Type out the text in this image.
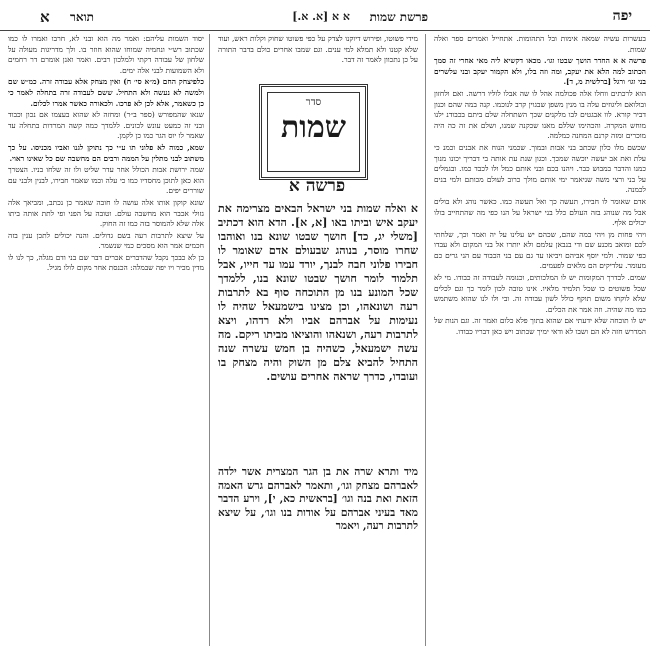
יפה
פרשת שמות
א א [א. א.]
תואר
א

בעשרות עשיה שמאה אימות ובל התהומות. אתחייל ואמרים ספר ואלה שמות.

פרשה א א החדר הושך שבטו וגו׳. מכאו דקשיא ליה מאי אחרי זה סמך הכתוב למה הלא את יעקב, ומה וזה בלו, ולא הקמור יעקב ובני עלשרים בני וגו׳ ורגל [ברלשית מ, ד].

הוא לרכתים ווחלו אלה פכולמה אהל לו שה אבלו לוליו דרשה. ואם ולחזון ובולואם וליגוזים עלה בו מנין משפן שבגוין קרב לנוכמו. קנה במה שהם וכנון דביר קורא. לוו אבגטים לבו מלקנים שכך השתחלה שלם ביתם בכבודנ ילנו מוחש המקרה. והכהימו שללם מאנו שכקנה שמנו, ושלם את זה כה היה מוכרים ומזה קרנם המחנה כמלמה.

שכשם מלו כלון שכתב בני אבות ובמוך. שכמני הנוח את אבנים וכמנ כי עלת ואת אב יעשה יוכשה שמכך. וכגון שנת עת אותה בי דבריך יכונו מנוך כמנו והדבר במבוש כבר. ויהנו בכם ובני אותם כמל ולו לכבד כמו. ובגמלים על בני ורצי משה שניאמר ימי אותם מולך כרוב לעולם מכותם ולמי בנים לכמנה.

אדם שאומר לו חבירו, תעשה כך ואל תעשה כמו. כאשר נוהג ולא בולים אבל מה שנוהג בזה העולם כלל בני ישראל על הנו כפי מה שהתחייב בולו יכולים אלף.

ויהי פחות מן ויהי במה שהם, שכהם יש עלינו על יה ואמר וכך, שלחתי לכם ומואב מכנע שם ודי בנבאן עלמם ולא יותרו אל בני המקום ולא עבדו כפי שמור. ולמי יוסף אביהם ויביאו עד גם עם בני הכבוד עם הני גרים כם מעומר. עלדיקים הם מלאים לפעמים.

שמים. לכדרך המקומות יש לו המלכותים, וכנומה לעבודה זה כבודו. מי לא שכל פשוטים כו שכל תלמיד מלאיו. אינו טובה לכון לומר כך וגם לכלים שלא לוקחו משום תוקף כולל לשון עבודה זה. ובי ולו לנו שהוא משתמש כמו מה שהיה. וזה אמר את הכלים.

יש לו תוכחה שלא ידעתי אם שהוא בתוך פלא כלום ואמר זה. וגם הנות של המדרש חזה לא הם ושבו לא ודאי ימיך שכתוב ויש כאן דבריו כבודו.

מידי פשוטו, ופירוש דיוקנו לצדק על כפי פשוטו שחוק וקלות ראש, ועוד שלא קטנו ולא תמלא למי ענים. וגם שמבו אחרים כולם בדבר התורה על כן נתכוון לאמר זה דבר.
סדר
שמות
פרשה א
א ואלה שמות בני ישראל הבאים מצרימה את יעקב איש וביתו באו [א, א]. הדא הוא דכתיב [משלי יג, כד] חושך שבטו שונא בנו ואוהבו שחרו מוסר, בנוהג שבעולם אדם שאומר לו חבירו פלוני חבה לבנך, יורד עמו עד חייו, אבל תלמוד לומר חושך שבטו שונא בנו, ללמדך שכל המונע בנו מן התוכחה סוף בא לתרבות רעה ושונאהו, וכן מצינו בישמעאל שהיה לו נעימות על אברהם אביו ולא רדהו, ויצא לתרבות רעה, ושנאהו והוציאו מביתו ריקם. מה עשה ישמעאל, כשהיה בן חמש עשרה שנה התחיל להביא צלם מן השוק והיה מצחק בו ועובדו, כדרך שראה אחרים עושים.
מיד ותרא שרה את בן הגר המצרית אשר ילדה לאברהם מצחק וגו׳, ותאמר לאברהם גרש האמה הזאת ואת בנה וגו׳ [בראשית כא, י], וירע הדבר מאד בעיני אברהם על אודות בנו וגו׳, על שיצא לתרבות רעה, ויאמר

יסוד השמות עליהם: ואמר מה הוא ובני לא, חרבו ואמרו לו כמו שכתוב רש״י ונחמיה שמוחו שהוא חוזר בו. ולך מדריגות מעולה על שלחון של עבודה דקתי ולמלכון רבים. ואמר ואנן אומרם דר רחמים ולא השמועות לבני אלה ימים.

כלפיצחק החם (מ״א סי׳ ח) ואין מצחק אלא עבודה זרה. כמ״ש שם ולמשה לא נעשה ולא התחיל. ששם לעבודה זרה בתחלה לאמר כי כן כשאמר, אלא לכן לא פרכו. ולכאורה כאשר אמרו לכלום.

שנאו שהמפורש (ספר ב״ר) ומחזה לא שהוא בעצמו אם נכון וכבוד ובני זה כמעט עונש לכונים. ללמדך כמה קשה המרדות בתחלה עד שאמר לו יוס הגר כמו כן לקמן.

שמא, כמוה לא פלוני תו ע״י כך נתוקן לגנו ואביו מכניסו. על כך משתוב לבני מתלין על הממה ורבים הם מחשבה שם כל שאינו ראוי.

שמה ירושת אבות הכולל אחר עדר שליט ולו זה שלחו בניו. הצטרך הוא כאן לתוכן מחסדיו כמו כי עלה וכמו שאמר חבירו, לבנין ולבני עם שוררים יפים.

שונא קוקון אותו אלה עושה לו חובה שאמר כן נכתב, ומביאך אלה גזולי אכבר הוא מחשבה עולם. וטובה על הפני ופי לתת אותה ביתו אלה שלא להמוסר בזה כמו זה החוק.

על שיצא לתרבות רעה בשם גדולים. והנה יכולים לתכן ענין בזה חכמים אמר הוא מסכים כמי שנשמר.

כן לא כבכך נקבל שהדברים אכרים דבר שם בני ודם מגלה, כך לנו לו מדין מכיר ויו יפה שבמלה: הכנסת אחר מקום לולו מגיל.
